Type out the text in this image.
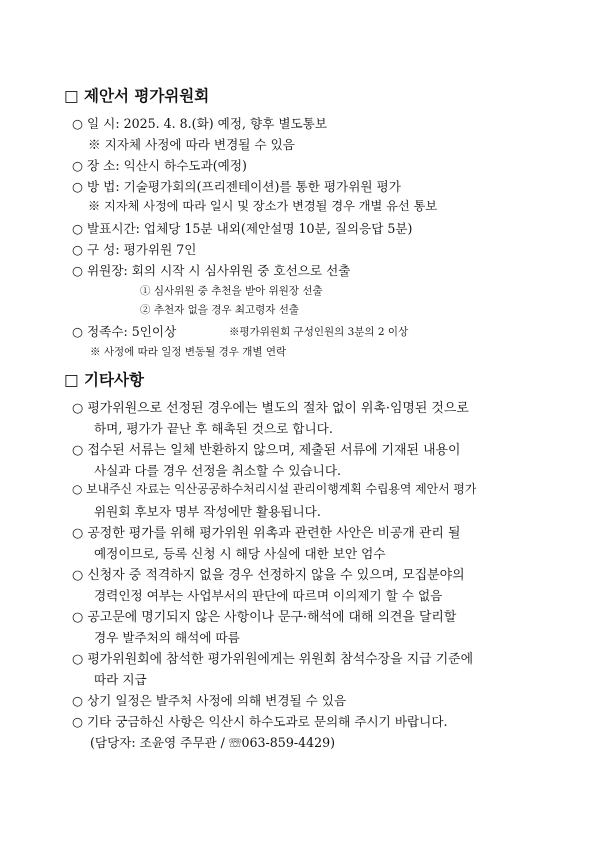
□ 제안서 평가위원회
○ 일 시: 2025. 4. 8.(화) 예정, 향후 별도통보
※ 지자체 사정에 따라 변경될 수 있음
○ 장 소: 익산시 하수도과(예정)
○ 방 법: 기술평가회의(프리젠테이션)를 통한 평가위원 평가
※ 지자체 사정에 따라 일시 및 장소가 변경될 경우 개별 유선 통보
○ 발표시간: 업체당 15분 내외(제안설명 10분, 질의응답 5분)
○ 구 성: 평가위원 7인
○ 위원장: 회의 시작 시 심사위원 중 호선으로 선출
① 심사위원 중 추천을 받아 위원장 선출
② 추천자 없을 경우 최고령자 선출
○ 정족수: 5인이상	※평가위원회 구성인원의 3분의 2 이상
※ 사정에 따라 일정 변동될 경우 개별 연락
□ 기타사항
○ 평가위원으로 선정된 경우에는 별도의 절차 없이 위촉·임명된 것으로
하며, 평가가 끝난 후 해촉된 것으로 합니다.
○ 접수된 서류는 일체 반환하지 않으며, 제출된 서류에 기재된 내용이
사실과 다를 경우 선정을 취소할 수 있습니다.
○ 보내주신 자료는 익산공공하수처리시설 관리이행계획 수립용역 제안서 평가
위원회 후보자 명부 작성에만 활용됩니다.
○ 공정한 평가를 위해 평가위원 위촉과 관련한 사안은 비공개 관리 될
예정이므로, 등록 신청 시 해당 사실에 대한 보안 엄수
○ 신청자 중 적격하지 없을 경우 선정하지 않을 수 있으며, 모집분야의
경력인정 여부는 사업부서의 판단에 따르며 이의제기 할 수 없음
○ 공고문에 명기되지 않은 사항이나 문구·해석에 대해 의견을 달리할
경우 발주처의 해석에 따름
○ 평가위원회에 참석한 평가위원에게는 위원회 참석수장을 지급 기준에
따라 지급
○ 상기 일정은 발주처 사정에 의해 변경될 수 있음
○ 기타 궁금하신 사항은 익산시 하수도과로 문의해 주시기 바랍니다.
(담당자: 조윤영 주무관 / ☏063-859-4429)
